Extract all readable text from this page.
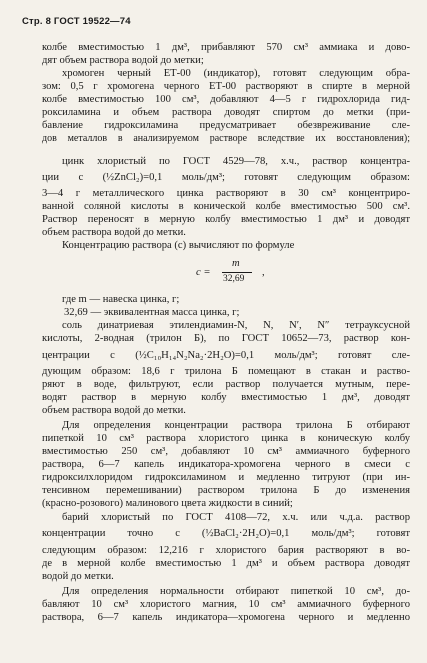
Стр. 8 ГОСТ 19522—74
колбе вместимостью 1 дм³, прибавляют 570 см³ аммиака и дово-
дят объем раствора водой до метки;
хромоген черный ЕТ-00 (индикатор), готовят следующим обра-
зом: 0,5 г хромогена черного ЕТ-00 растворяют в спирте в мерной
колбе вместимостью 100 см³, добавляют 4—5 г гидрохлорида гид-
роксиламина и объем раствора доводят спиртом до метки (при-
бавление гидроксиламина предусматривает обезвреживание сле-
дов металлов в анализируемом растворе вследствие их восстановления);
цинк хлористый по ГОСТ 4529—78, х.ч., раствор концентра-
ции c (½ZnCl₂)=0,1 моль/дм³; готовят следующим образом:
3—4 г металлического цинка растворяют в 30 см³ концентриро-
ванной соляной кислоты в конической колбе вместимостью 500 см³.
Раствор переносят в мерную колбу вместимостью 1 дм³ и доводят
объем раствора водой до метки.
Концентрацию раствора (c) вычисляют по формуле
c =
m
32,69
,
где m — навеска цинка, г;
32,69 — эквивалентная масса цинка, г;
соль динатриевая этилендиамин-N, N, N′, N″ тетрауксусной
кислоты, 2-водная (трилон Б), по ГОСТ 10652—73, раствор кон-
центрации c (½C₁₀H₁₄N₂Na₂·2H₂O)=0,1 моль/дм³; готовят сле-
дующим образом: 18,6 г трилона Б помещают в стакан и раство-
ряют в воде, фильтруют, если раствор получается мутным, пере-
водят раствор в мерную колбу вместимостью 1 дм³, доводят
объем раствора водой до метки.
Для определения концентрации раствора трилона Б отбирают
пипеткой 10 см³ раствора хлористого цинка в коническую колбу
вместимостью 250 см³, добавляют 10 см³ аммиачного буферного
раствора, 6—7 капель индикатора-хромогена черного в смеси с
гидроксилхлоридом гидроксиламином и медленно титруют (при ин-
тенсивном перемешивании) раствором трилона Б до изменения
(красно-розового) малинового цвета жидкости в синий;
барий хлористый по ГОСТ 4108—72, х.ч. или ч.д.а. раствор
концентрации точно c (½BaCl₂·2H₂O)=0,1 моль/дм³; готовят
следующим образом: 12,216 г хлористого бария растворяют в во-
де в мерной колбе вместимостью 1 дм³ и объем раствора доводят
водой до метки.
Для определения нормальности отбирают пипеткой 10 см³, до-
бавляют 10 см³ хлористого магния, 10 см³ аммиачного буферного
раствора, 6—7 капель индикатора—хромогена черного и медленно
